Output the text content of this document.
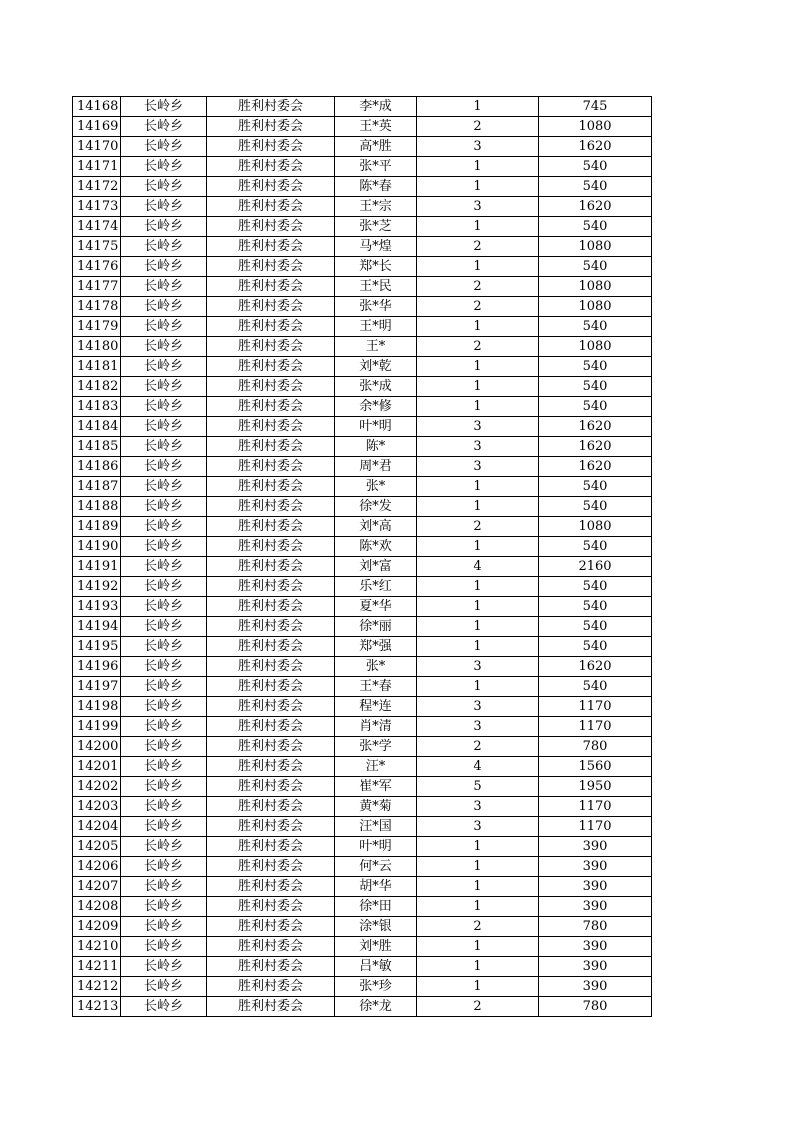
14168	长岭乡	胜利村委会	李*成	1	745
14169	长岭乡	胜利村委会	王*英	2	1080
14170	长岭乡	胜利村委会	高*胜	3	1620
14171	长岭乡	胜利村委会	张*平	1	540
14172	长岭乡	胜利村委会	陈*春	1	540
14173	长岭乡	胜利村委会	王*宗	3	1620
14174	长岭乡	胜利村委会	张*芝	1	540
14175	长岭乡	胜利村委会	马*煌	2	1080
14176	长岭乡	胜利村委会	郑*长	1	540
14177	长岭乡	胜利村委会	王*民	2	1080
14178	长岭乡	胜利村委会	张*华	2	1080
14179	长岭乡	胜利村委会	王*明	1	540
14180	长岭乡	胜利村委会	王*	2	1080
14181	长岭乡	胜利村委会	刘*乾	1	540
14182	长岭乡	胜利村委会	张*成	1	540
14183	长岭乡	胜利村委会	余*修	1	540
14184	长岭乡	胜利村委会	叶*明	3	1620
14185	长岭乡	胜利村委会	陈*	3	1620
14186	长岭乡	胜利村委会	周*君	3	1620
14187	长岭乡	胜利村委会	张*	1	540
14188	长岭乡	胜利村委会	徐*发	1	540
14189	长岭乡	胜利村委会	刘*高	2	1080
14190	长岭乡	胜利村委会	陈*欢	1	540
14191	长岭乡	胜利村委会	刘*富	4	2160
14192	长岭乡	胜利村委会	乐*红	1	540
14193	长岭乡	胜利村委会	夏*华	1	540
14194	长岭乡	胜利村委会	徐*丽	1	540
14195	长岭乡	胜利村委会	郑*强	1	540
14196	长岭乡	胜利村委会	张*	3	1620
14197	长岭乡	胜利村委会	王*春	1	540
14198	长岭乡	胜利村委会	程*连	3	1170
14199	长岭乡	胜利村委会	肖*清	3	1170
14200	长岭乡	胜利村委会	张*学	2	780
14201	长岭乡	胜利村委会	汪*	4	1560
14202	长岭乡	胜利村委会	崔*军	5	1950
14203	长岭乡	胜利村委会	黄*菊	3	1170
14204	长岭乡	胜利村委会	汪*国	3	1170
14205	长岭乡	胜利村委会	叶*明	1	390
14206	长岭乡	胜利村委会	何*云	1	390
14207	长岭乡	胜利村委会	胡*华	1	390
14208	长岭乡	胜利村委会	徐*田	1	390
14209	长岭乡	胜利村委会	涂*银	2	780
14210	长岭乡	胜利村委会	刘*胜	1	390
14211	长岭乡	胜利村委会	吕*敏	1	390
14212	长岭乡	胜利村委会	张*珍	1	390
14213	长岭乡	胜利村委会	徐*龙	2	780
